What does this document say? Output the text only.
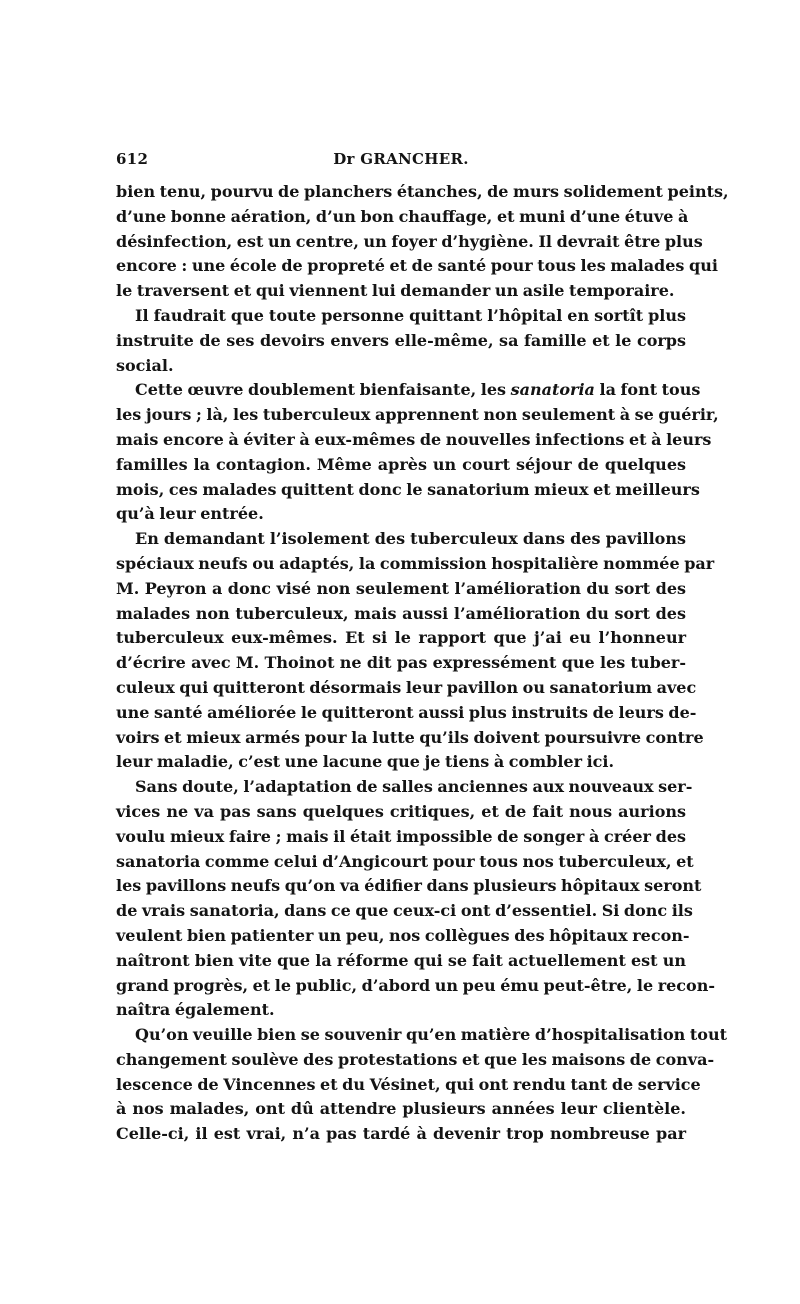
612	Dr GRANCHER.
bien tenu, pourvu de planchers étanches, de murs solidement peints,
d’une bonne aération, d’un bon chauffage, et muni d’une étuve à
désinfection, est un centre, un foyer d’hygiène. Il devrait être plus
encore : une école de propreté et de santé pour tous les malades qui
le traversent et qui viennent lui demander un asile temporaire.
Il faudrait que toute personne quittant l’hôpital en sortît plus
instruite de ses devoirs envers elle-même, sa famille et le corps
social.
Cette œuvre doublement bienfaisante, les sanatoria la font tous
les jours ; là, les tuberculeux apprennent non seulement à se guérir,
mais encore à éviter à eux-mêmes de nouvelles infections et à leurs
familles la contagion. Même après un court séjour de quelques
mois, ces malades quittent donc le sanatorium mieux et meilleurs
qu’à leur entrée.
En demandant l’isolement des tuberculeux dans des pavillons
spéciaux neufs ou adaptés, la commission hospitalière nommée par
M. Peyron a donc visé non seulement l’amélioration du sort des
malades non tuberculeux, mais aussi l’amélioration du sort des
tuberculeux eux-mêmes. Et si le rapport que j’ai eu l’honneur
d’écrire avec M. Thoinot ne dit pas expressément que les tuber-
culeux qui quitteront désormais leur pavillon ou sanatorium avec
une santé améliorée le quitteront aussi plus instruits de leurs de-
voirs et mieux armés pour la lutte qu’ils doivent poursuivre contre
leur maladie, c’est une lacune que je tiens à combler ici.
Sans doute, l’adaptation de salles anciennes aux nouveaux ser-
vices ne va pas sans quelques critiques, et de fait nous aurions
voulu mieux faire ; mais il était impossible de songer à créer des
sanatoria comme celui d’Angicourt pour tous nos tuberculeux, et
les pavillons neufs qu’on va édifier dans plusieurs hôpitaux seront
de vrais sanatoria, dans ce que ceux-ci ont d’essentiel. Si donc ils
veulent bien patienter un peu, nos collègues des hôpitaux recon-
naîtront bien vite que la réforme qui se fait actuellement est un
grand progrès, et le public, d’abord un peu ému peut-être, le recon-
naîtra également.
Qu’on veuille bien se souvenir qu’en matière d’hospitalisation tout
changement soulève des protestations et que les maisons de conva-
lescence de Vincennes et du Vésinet, qui ont rendu tant de service
à nos malades, ont dû attendre plusieurs années leur clientèle.
Celle-ci, il est vrai, n’a pas tardé à devenir trop nombreuse par
